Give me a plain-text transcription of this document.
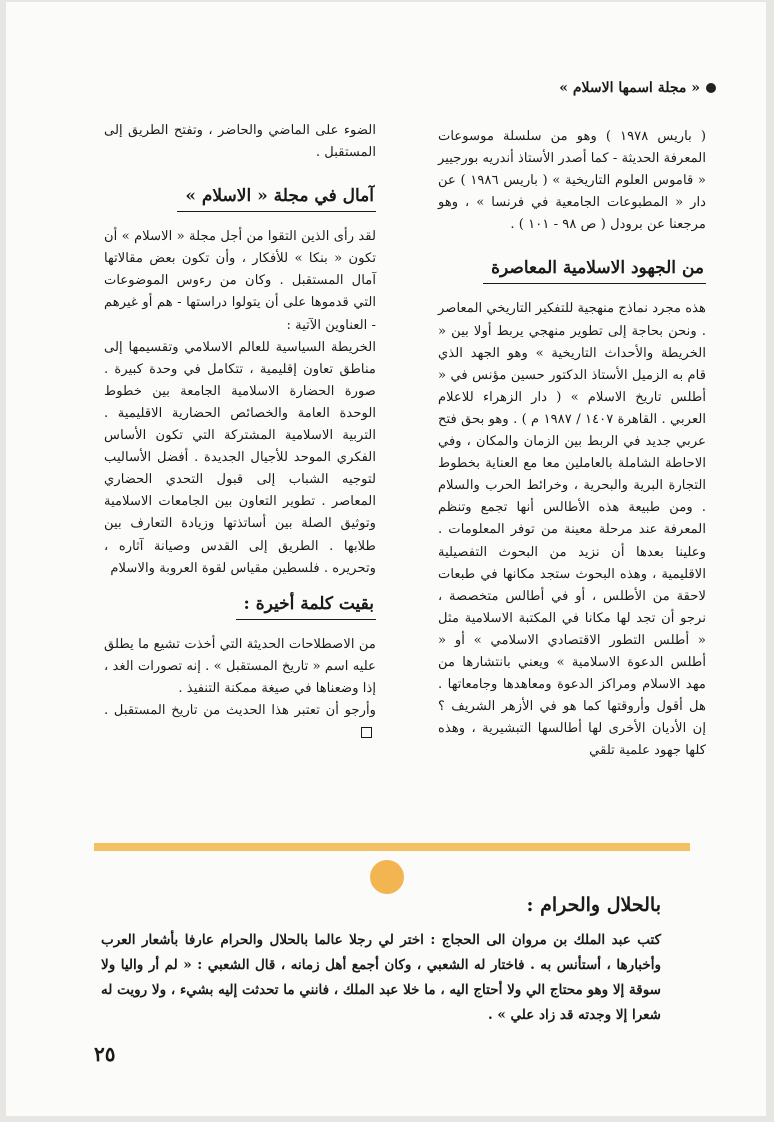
« مجلة اسمها الاسلام »

( باريس ١٩٧٨ ) وهو من سلسلة موسوعات المعرفة الحديثة - كما أصدر الأستاذ أندريه بورجيير « قاموس العلوم التاريخية » ( باريس ١٩٨٦ ) عن دار « المطبوعات الجامعية في فرنسا » ، وهو مرجعنا عن برودل ( ص ٩٨ - ١٠١ ) .

من الجهود الاسلامية المعاصرة

هذه مجرد نماذج منهجية للتفكير التاريخي المعاصر . ونحن بحاجة إلى تطوير منهجي يربط أولا بين « الخريطة والأحداث التاريخية » وهو الجهد الذي قام به الزميل الأستاذ الدكتور حسين مؤنس في « أطلس تاريخ الاسلام » ( دار الزهراء للاعلام العربي . القاهرة ١٤٠٧ / ١٩٨٧ م ) . وهو بحق فتح عربي جديد في الربط بين الزمان والمكان ، وفي الاحاطة الشاملة بالعاملين معا مع العناية بخطوط التجارة البرية والبحرية ، وخرائط الحرب والسلام . ومن طبيعة هذه الأطالس أنها تجمع وتنظم المعرفة عند مرحلة معينة من توفر المعلومات . وعلينا بعدها أن نزيد من البحوث التفصيلية الاقليمية ، وهذه البحوث ستجد مكانها في طبعات لاحقة من الأطلس ، أو في أطالس متخصصة ، نرجو أن تجد لها مكانا في المكتبة الاسلامية مثل « أطلس التطور الاقتصادي الاسلامي » أو « أطلس الدعوة الاسلامية » ويعني بانتشارها من مهد الاسلام ومراكز الدعوة ومعاهدها وجامعاتها . هل أقول وأروقتها كما هو في الأزهر الشريف ؟ إن الأديان الأخرى لها أطالسها التبشيرية ، وهذه كلها جهود علمية تلقي

الضوء على الماضي والحاضر ، وتفتح الطريق إلى المستقبل .

آمال في مجلة « الاسلام »

لقد رأى الذين التقوا من أجل مجلة « الاسلام » أن تكون « بنكا » للأفكار ، وأن تكون بعض مقالاتها آمال المستقبل . وكان من رءوس الموضوعات التي قدموها على أن يتولوا دراستها - هم أو غيرهم - العناوين الآتية :

الخريطة السياسية للعالم الاسلامي وتقسيمها إلى مناطق تعاون إقليمية ، تتكامل في وحدة كبيرة . صورة الحضارة الاسلامية الجامعة بين خطوط الوحدة العامة والخصائص الحضارية الاقليمية . التربية الاسلامية المشتركة التي تكون الأساس الفكري الموحد للأجيال الجديدة . أفضل الأساليب لتوجيه الشباب إلى قبول التحدي الحضاري المعاصر . تطوير التعاون بين الجامعات الاسلامية وتوثيق الصلة بين أساتذتها وزيادة التعارف بين طلابها . الطريق إلى القدس وصيانة آثاره ، وتحريره . فلسطين مقياس لقوة العروبة والاسلام

بقيت كلمة أخيرة :

من الاصطلاحات الحديثة التي أخذت تشيع ما يطلق عليه اسم « تاريخ المستقبل » . إنه تصورات الغد ، إذا وضعناها في صيغة ممكنة التنفيذ .

وأرجو أن تعتبر هذا الحديث من تاريخ المستقبل .

بالحلال والحرام :
كتب عبد الملك بن مروان الى الحجاج : اختر لي رجلا عالما بالحلال والحرام عارفا بأشعار العرب وأخبارها ، أستأنس به . فاختار له الشعبي ، وكان أجمع أهل زمانه ، قال الشعبي : « لم أر واليا ولا سوقة إلا وهو محتاج الي ولا أحتاج اليه ، ما خلا عبد الملك ، فانني ما تحدثت إليه بشيء ، ولا رويت له شعرا إلا وجدته قد زاد علي » .
٢٥
